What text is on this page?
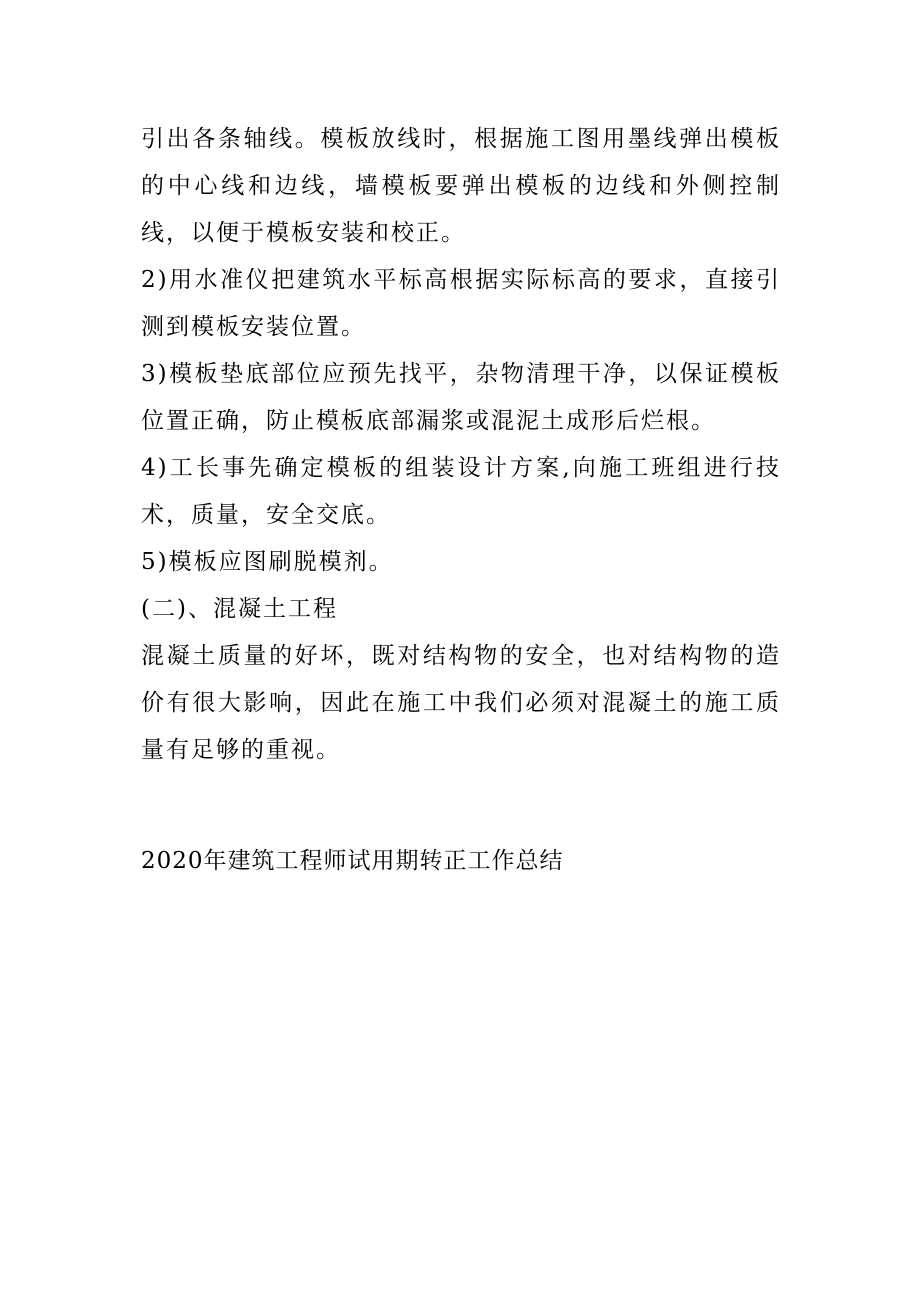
引出各条轴线。模板放线时，根据施工图用墨线弹出模板的中心线和边线，墙模板要弹出模板的边线和外侧控制线，以便于模板安装和校正。

2)用水准仪把建筑水平标高根据实际标高的要求，直接引测到模板安装位置。

3)模板垫底部位应预先找平，杂物清理干净，以保证模板位置正确，防止模板底部漏浆或混泥土成形后烂根。

4)工长事先确定模板的组装设计方案,向施工班组进行技术，质量，安全交底。

5)模板应图刷脱模剂。

(二)、混凝土工程

混凝土质量的好坏，既对结构物的安全，也对结构物的造价有很大影响，因此在施工中我们必须对混凝土的施工质量有足够的重视。

2020年建筑工程师试用期转正工作总结
